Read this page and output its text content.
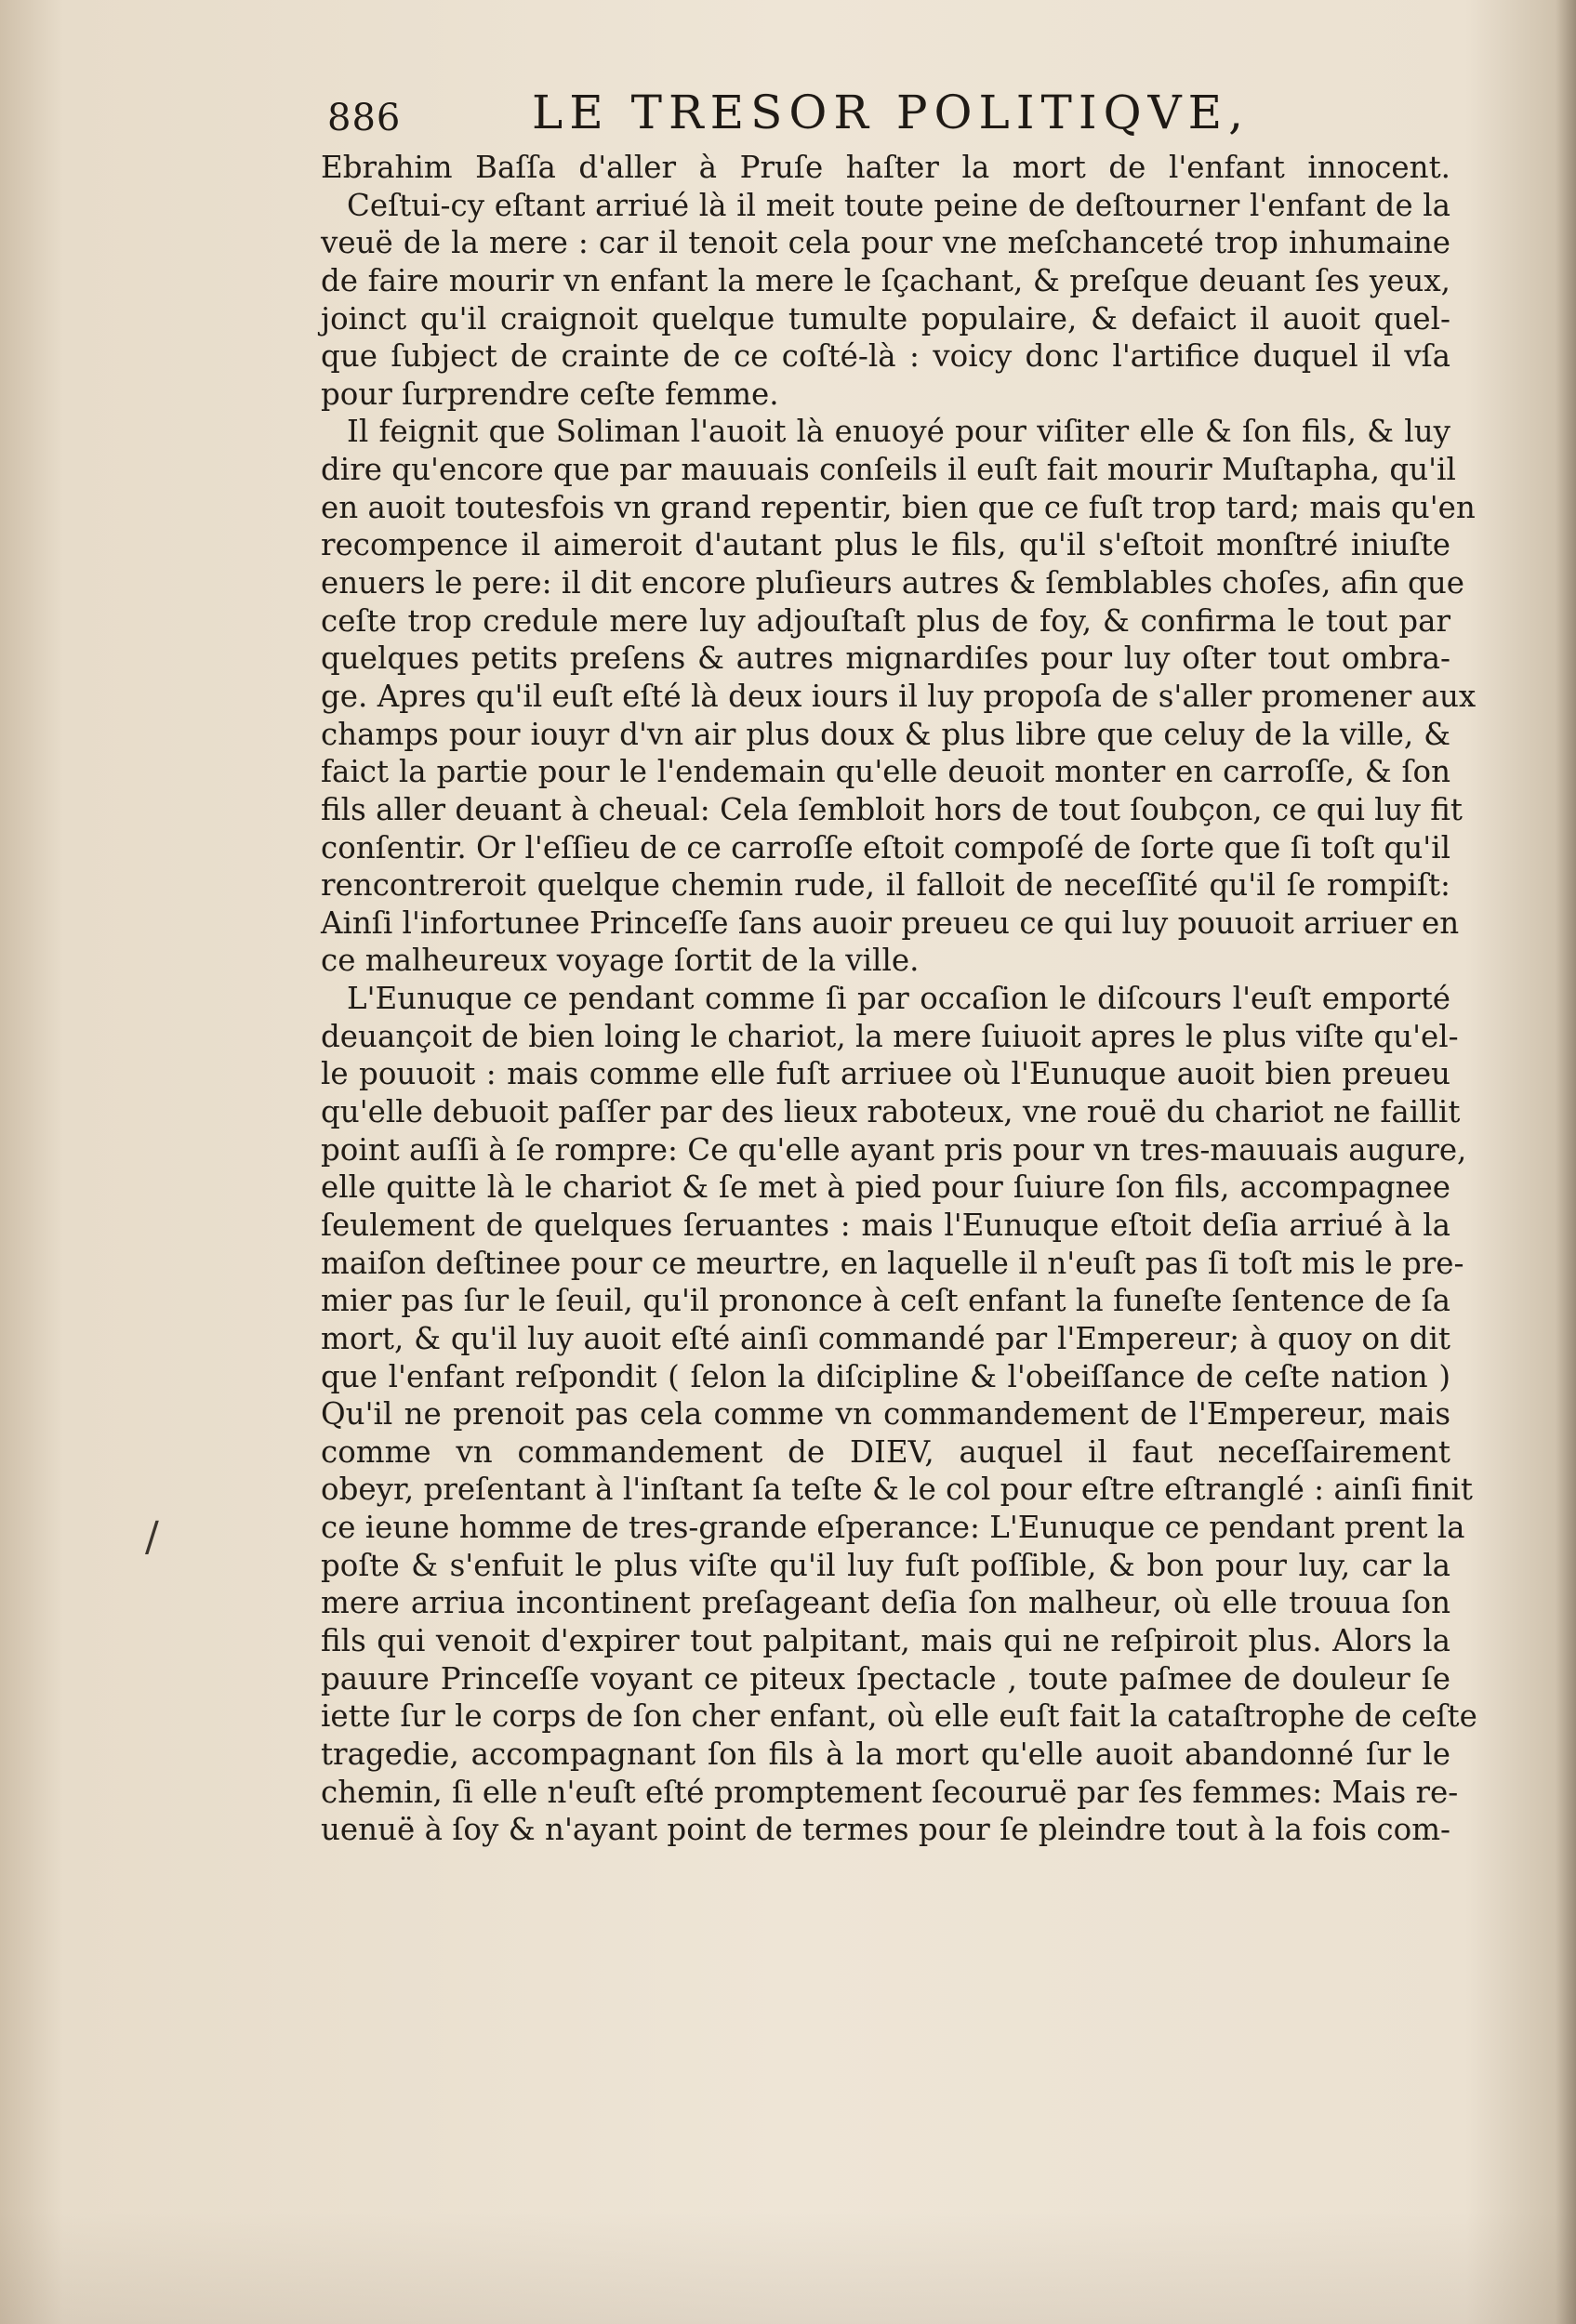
886	LE TRESOR POLITIQVE,
/
Ebrahim Baſſa d'aller à Pruſe haſter la mort de l'enfant innocent.
Ceſtui-cy eſtant arriué là il meit toute peine de deſtourner l'enfant de la
veuë de la mere : car il tenoit cela pour vne meſchanceté trop inhumaine
de faire mourir vn enfant la mere le ſçachant, & preſque deuant ſes yeux,
joinct qu'il craignoit quelque tumulte populaire, & defaict il auoit quel-
que ſubject de crainte de ce coſté-là : voicy donc l'artifice duquel il vſa
pour ſurprendre ceſte femme.
Il feignit que Soliman l'auoit là enuoyé pour viſiter elle & ſon fils, & luy
dire qu'encore que par mauuais conſeils il euſt fait mourir Muſtapha, qu'il
en auoit toutesfois vn grand repentir, bien que ce fuſt trop tard; mais qu'en
recompence il aimeroit d'autant plus le fils, qu'il s'eſtoit monſtré iniuſte
enuers le pere: il dit encore pluſieurs autres & ſemblables choſes, afin que
ceſte trop credule mere luy adjouſtaſt plus de foy, & confirma le tout par
quelques petits preſens & autres mignardiſes pour luy oſter tout ombra-
ge. Apres qu'il euſt eſté là deux iours il luy propoſa de s'aller promener aux
champs pour iouyr d'vn air plus doux & plus libre que celuy de la ville, &
faict la partie pour le l'endemain qu'elle deuoit monter en carroſſe, & ſon
fils aller deuant à cheual: Cela ſembloit hors de tout ſoubçon, ce qui luy fit
conſentir. Or l'eſſieu de ce carroſſe eſtoit compoſé de ſorte que ſi toſt qu'il
rencontreroit quelque chemin rude, il falloit de neceſſité qu'il ſe rompiſt:
Ainſi l'infortunee Princeſſe ſans auoir preueu ce qui luy pouuoit arriuer en
ce malheureux voyage ſortit de la ville.
L'Eunuque ce pendant comme ſi par occaſion le diſcours l'euſt emporté
deuançoit de bien loing le chariot, la mere ſuiuoit apres le plus viſte qu'el-
le pouuoit : mais comme elle fuſt arriuee où l'Eunuque auoit bien preueu
qu'elle debuoit paſſer par des lieux raboteux, vne rouë du chariot ne faillit
point auſſi à ſe rompre: Ce qu'elle ayant pris pour vn tres-mauuais augure,
elle quitte là le chariot & ſe met à pied pour ſuiure ſon fils, accompagnee
ſeulement de quelques ſeruantes : mais l'Eunuque eſtoit deſia arriué à la
maiſon deſtinee pour ce meurtre, en laquelle il n'euſt pas ſi toſt mis le pre-
mier pas ſur le ſeuil, qu'il prononce à ceſt enfant la funeſte ſentence de ſa
mort, & qu'il luy auoit eſté ainſi commandé par l'Empereur; à quoy on dit
que l'enfant reſpondit ( ſelon la diſcipline & l'obeiſſance de ceſte nation )
Qu'il ne prenoit pas cela comme vn commandement de l'Empereur, mais
comme vn commandement de DIEV, auquel il faut neceſſairement
obeyr, preſentant à l'inſtant ſa teſte & le col pour eſtre eſtranglé : ainſi finit
ce ieune homme de tres-grande eſperance: L'Eunuque ce pendant prent la
poſte & s'enfuit le plus viſte qu'il luy fuſt poſſible, & bon pour luy, car la
mere arriua incontinent preſageant deſia ſon malheur, où elle trouua ſon
fils qui venoit d'expirer tout palpitant, mais qui ne reſpiroit plus. Alors la
pauure Princeſſe voyant ce piteux ſpectacle , toute paſmee de douleur ſe
iette ſur le corps de ſon cher enfant, où elle euſt fait la cataſtrophe de ceſte
tragedie, accompagnant ſon fils à la mort qu'elle auoit abandonné ſur le
chemin, ſi elle n'euſt eſté promptement ſecouruë par ſes femmes: Mais re-
uenuë à ſoy & n'ayant point de termes pour ſe pleindre tout à la fois com-
